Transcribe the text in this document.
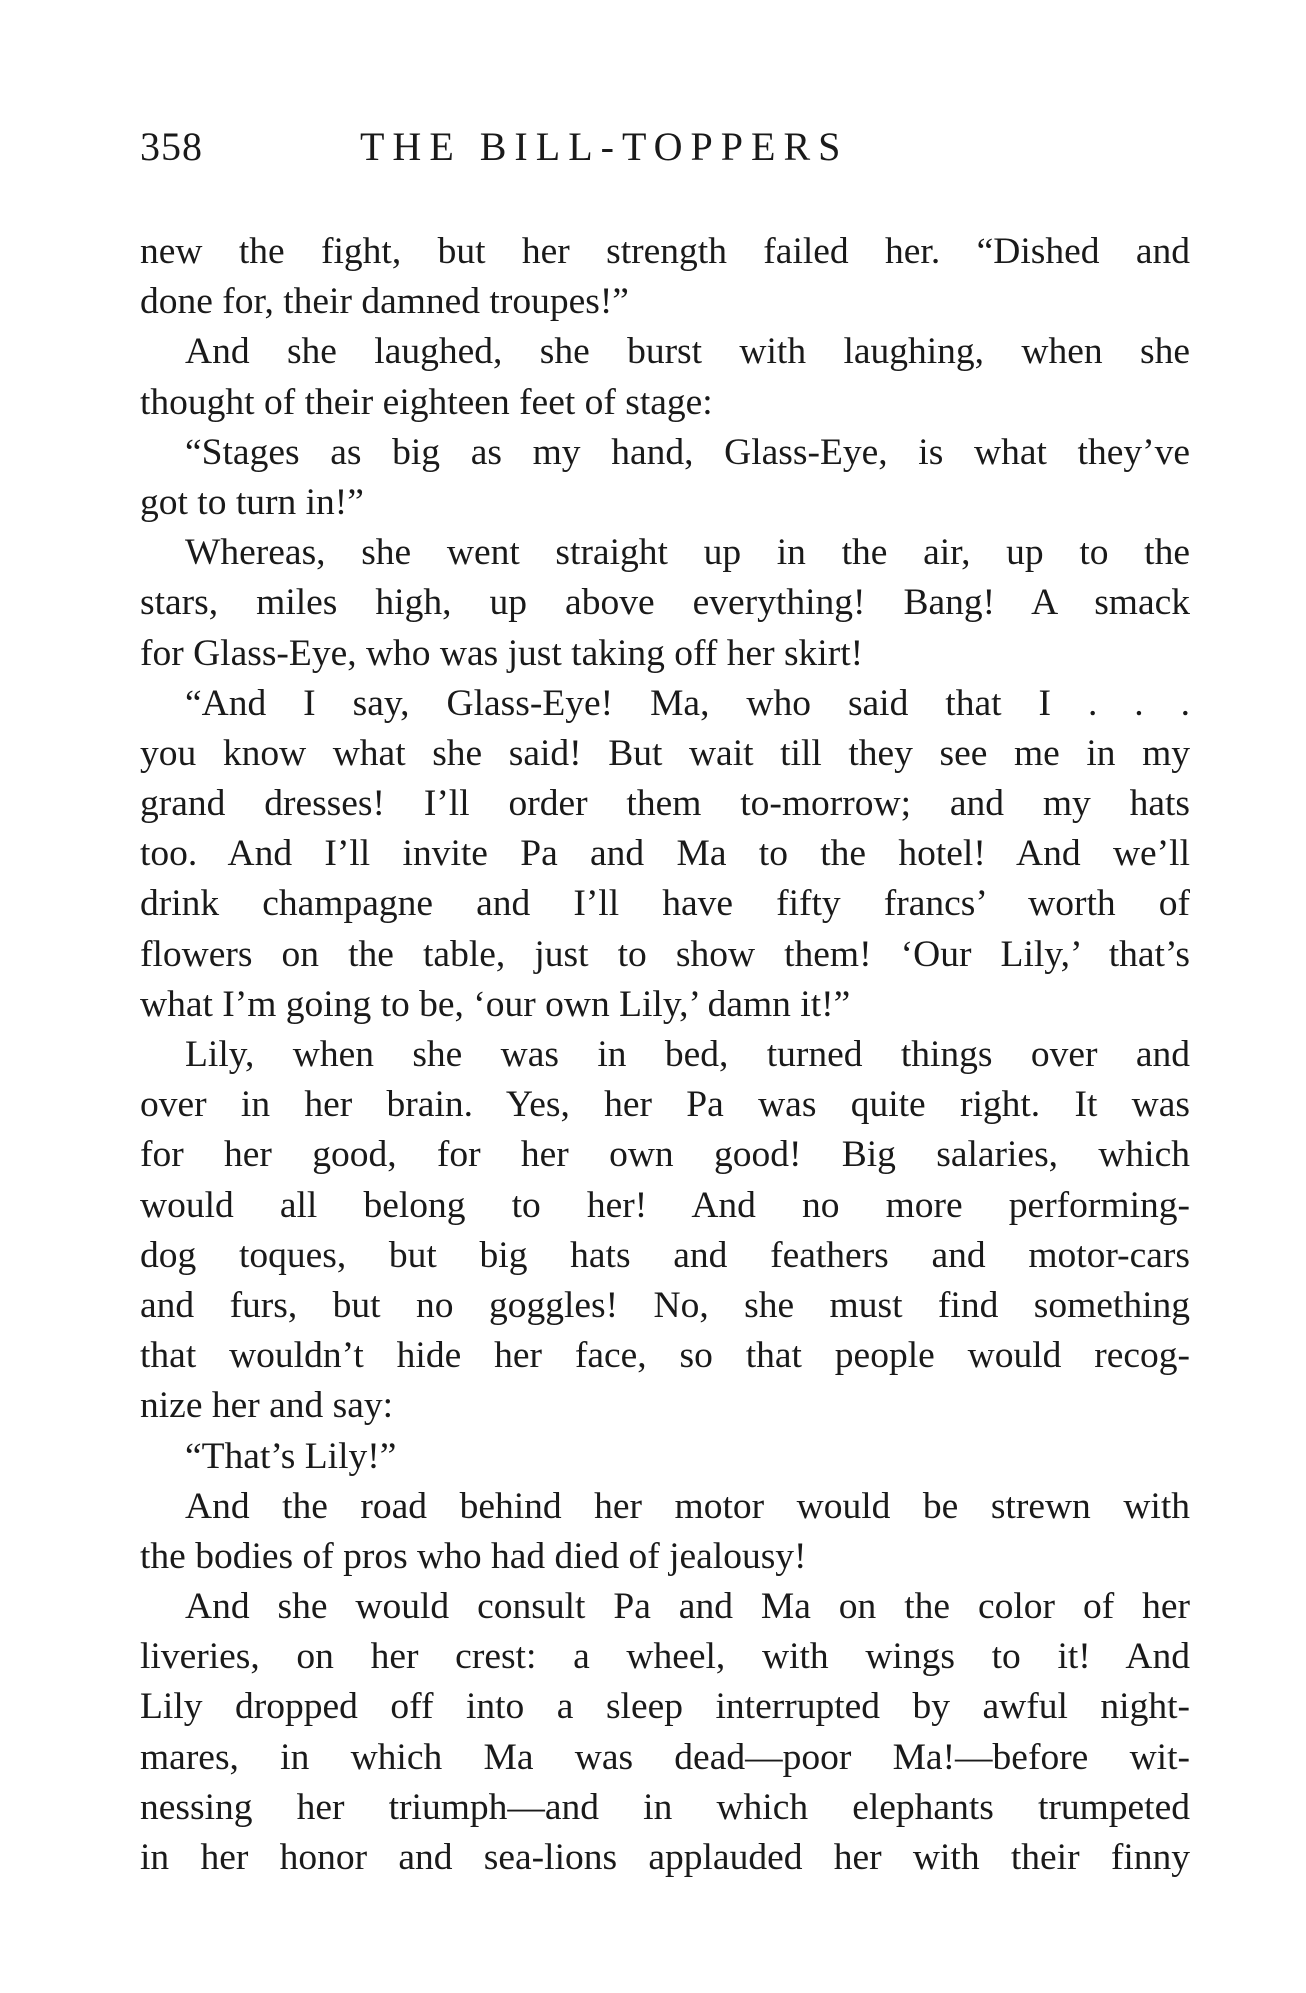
358	THE BILL-TOPPERS
new the fight, but her strength failed her. “Dished and
done for, their damned troupes!”
And she laughed, she burst with laughing, when she
thought of their eighteen feet of stage:
“Stages as big as my hand, Glass-Eye, is what they’ve
got to turn in!”
Whereas, she went straight up in the air, up to the
stars, miles high, up above everything! Bang! A smack
for Glass-Eye, who was just taking off her skirt!
“And I say, Glass-Eye! Ma, who said that I . . .
you know what she said! But wait till they see me in my
grand dresses! I’ll order them to-morrow; and my hats
too. And I’ll invite Pa and Ma to the hotel! And we’ll
drink champagne and I’ll have fifty francs’ worth of
flowers on the table, just to show them! ‘Our Lily,’ that’s
what I’m going to be, ‘our own Lily,’ damn it!”
Lily, when she was in bed, turned things over and
over in her brain. Yes, her Pa was quite right. It was
for her good, for her own good! Big salaries, which
would all belong to her! And no more performing-
dog toques, but big hats and feathers and motor-cars
and furs, but no goggles! No, she must find something
that wouldn’t hide her face, so that people would recog-
nize her and say:
“That’s Lily!”
And the road behind her motor would be strewn with
the bodies of pros who had died of jealousy!
And she would consult Pa and Ma on the color of her
liveries, on her crest: a wheel, with wings to it! And
Lily dropped off into a sleep interrupted by awful night-
mares, in which Ma was dead—poor Ma!—before wit-
nessing her triumph—and in which elephants trumpeted
in her honor and sea-lions applauded her with their finny
